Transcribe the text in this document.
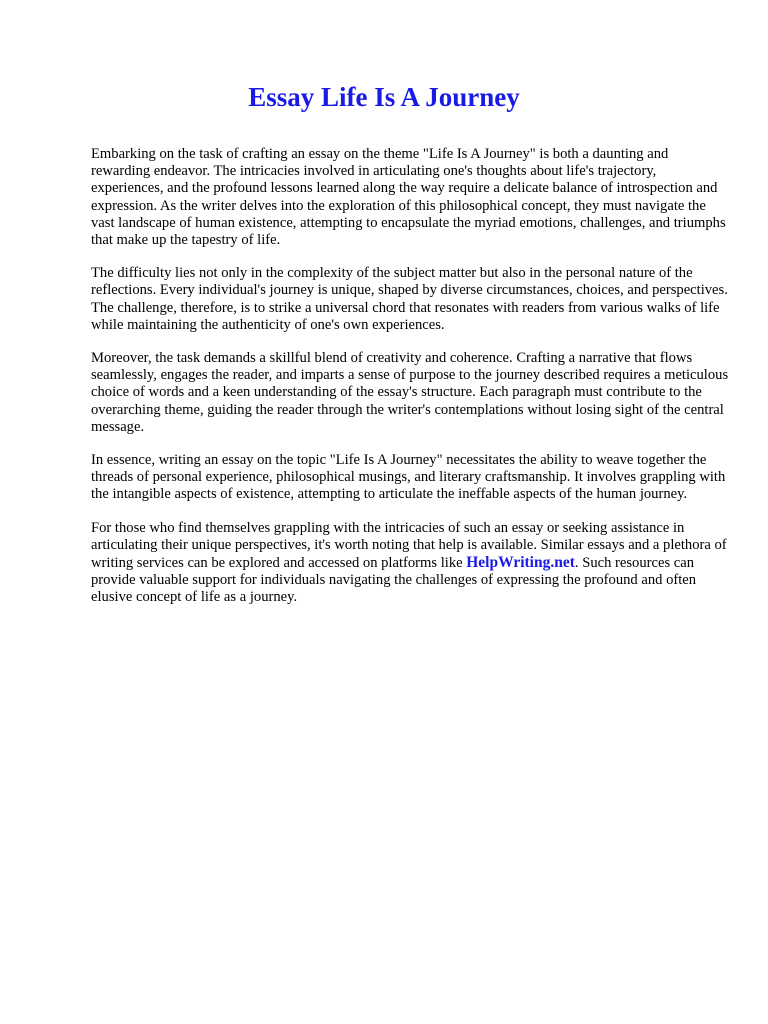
Essay Life Is A Journey

Embarking on the task of crafting an essay on the theme "Life Is A Journey" is both a daunting and rewarding endeavor. The intricacies involved in articulating one's thoughts about life's trajectory, experiences, and the profound lessons learned along the way require a delicate balance of introspection and expression. As the writer delves into the exploration of this philosophical concept, they must navigate the vast landscape of human existence, attempting to encapsulate the myriad emotions, challenges, and triumphs that make up the tapestry of life.

The difficulty lies not only in the complexity of the subject matter but also in the personal nature of the reflections. Every individual's journey is unique, shaped by diverse circumstances, choices, and perspectives. The challenge, therefore, is to strike a universal chord that resonates with readers from various walks of life while maintaining the authenticity of one's own experiences.

Moreover, the task demands a skillful blend of creativity and coherence. Crafting a narrative that flows seamlessly, engages the reader, and imparts a sense of purpose to the journey described requires a meticulous choice of words and a keen understanding of the essay's structure. Each paragraph must contribute to the overarching theme, guiding the reader through the writer's contemplations without losing sight of the central message.

In essence, writing an essay on the topic "Life Is A Journey" necessitates the ability to weave together the threads of personal experience, philosophical musings, and literary craftsmanship. It involves grappling with the intangible aspects of existence, attempting to articulate the ineffable aspects of the human journey.

For those who find themselves grappling with the intricacies of such an essay or seeking assistance in articulating their unique perspectives, it's worth noting that help is available. Similar essays and a plethora of writing services can be explored and accessed on platforms like HelpWriting.net. Such resources can provide valuable support for individuals navigating the challenges of expressing the profound and often elusive concept of life as a journey.
